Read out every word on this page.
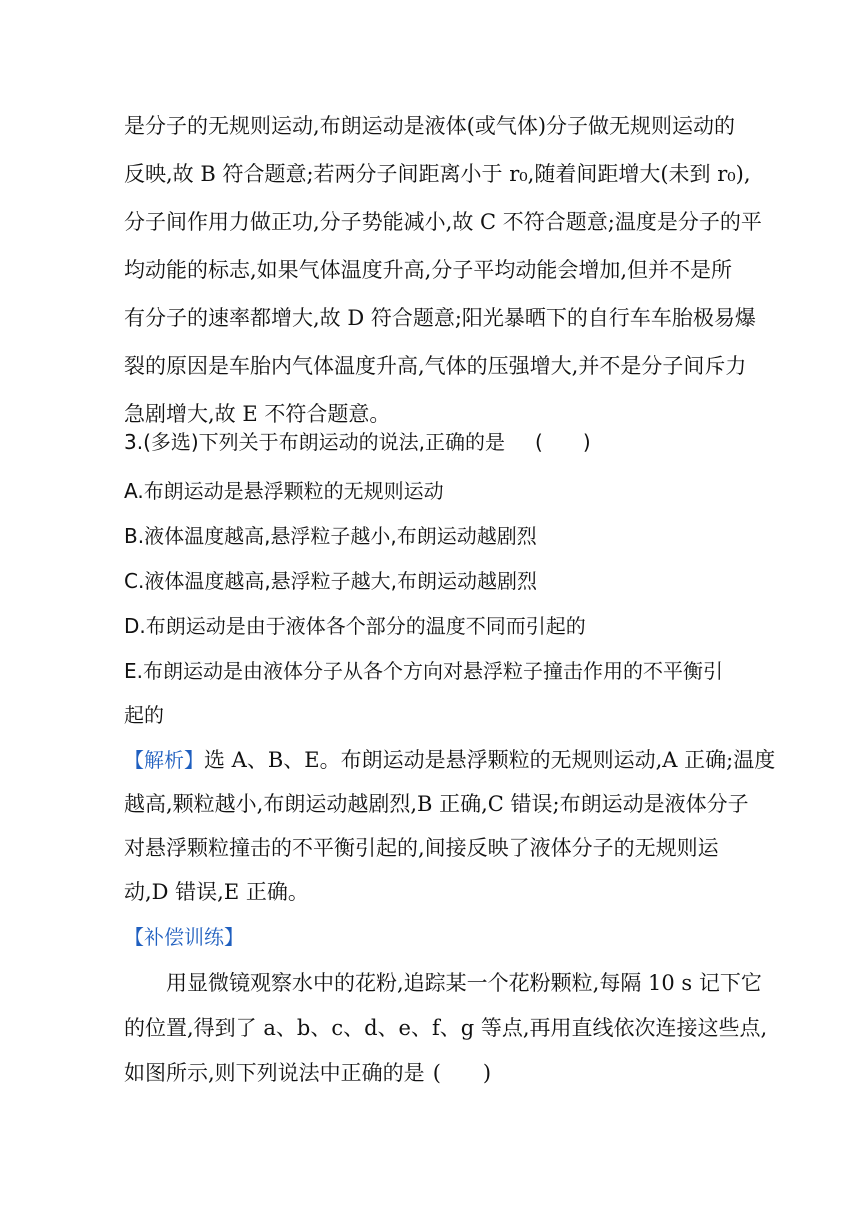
是分子的无规则运动,布朗运动是液体(或气体)分子做无规则运动的
反映,故 B 符合题意;若两分子间距离小于 r₀,随着间距增大(未到 r₀),
分子间作用力做正功,分子势能减小,故 C 不符合题意;温度是分子的平
均动能的标志,如果气体温度升高,分子平均动能会增加,但并不是所
有分子的速率都增大,故 D 符合题意;阳光暴晒下的自行车车胎极易爆
裂的原因是车胎内气体温度升高,气体的压强增大,并不是分子间斥力
急剧增大,故 E 不符合题意。
3.(多选)下列关于布朗运动的说法,正确的是 (　　)
A.布朗运动是悬浮颗粒的无规则运动
B.液体温度越高,悬浮粒子越小,布朗运动越剧烈
C.液体温度越高,悬浮粒子越大,布朗运动越剧烈
D.布朗运动是由于液体各个部分的温度不同而引起的
E.布朗运动是由液体分子从各个方向对悬浮粒子撞击作用的不平衡引
起的
【解析】选 A、B、E。布朗运动是悬浮颗粒的无规则运动,A 正确;温度
越高,颗粒越小,布朗运动越剧烈,B 正确,C 错误;布朗运动是液体分子
对悬浮颗粒撞击的不平衡引起的,间接反映了液体分子的无规则运
动,D 错误,E 正确。
【补偿训练】
用显微镜观察水中的花粉,追踪某一个花粉颗粒,每隔 10 s 记下它
的位置,得到了 a、b、c、d、e、f、g 等点,再用直线依次连接这些点,
如图所示,则下列说法中正确的是 (　　)
